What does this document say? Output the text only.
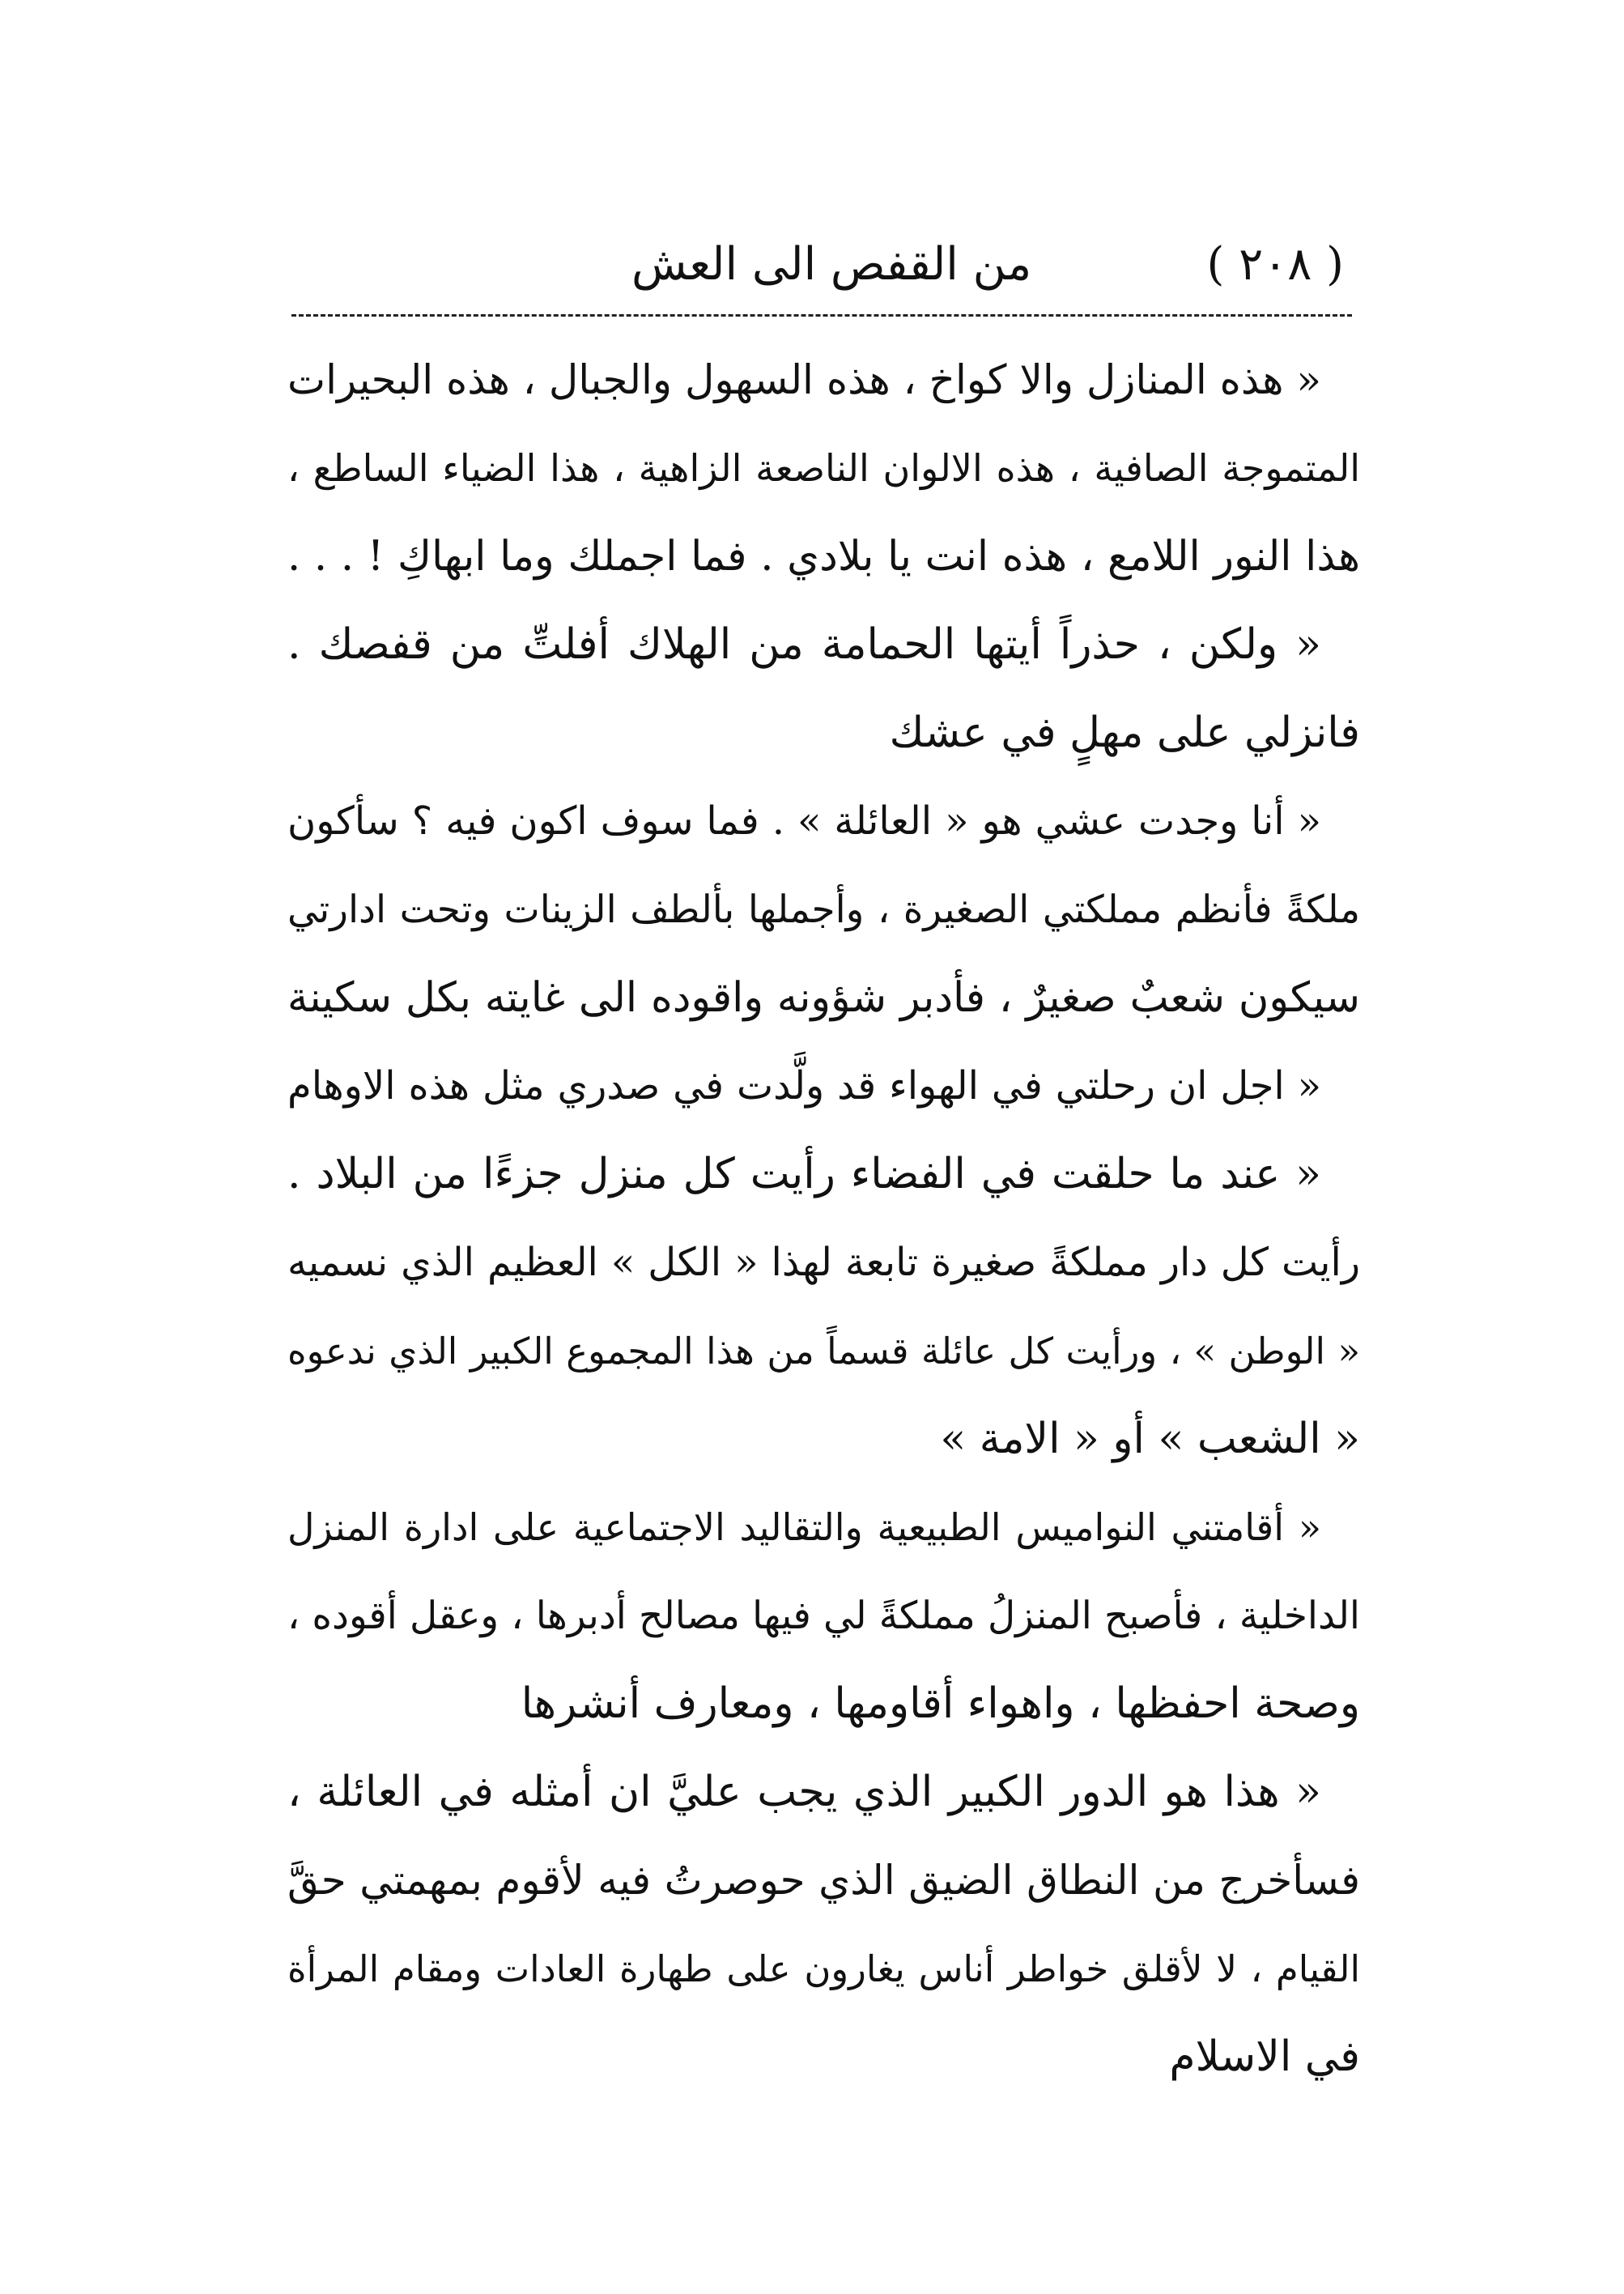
( ٢٠٨ )
من القفص الى العش
« هذه المنازل والا كواخ ، هذه السهول والجبال ، هذه البحيرات
المتموجة الصافية ، هذه الالوان الناصعة الزاهية ، هذا الضياء الساطع ،
هذا النور اللامع ، هذه انت يا بلادي . فما اجملك وما ابهاكِ ! . . .
« ولكن ، حذراً أيتها الحمامة من الهلاك أفلتِّ من قفصك .
فانزلي على مهلٍ في عشك
« أنا وجدت عشي هو « العائلة » . فما سوف اكون فيه ؟ سأكون
ملكةً فأنظم مملكتي الصغيرة ، وأجملها بألطف الزينات وتحت ادارتي
سيكون شعبٌ صغيرٌ ، فأدبر شؤونه واقوده الى غايته بكل سكينة
« اجل ان رحلتي في الهواء قد ولَّدت في صدري مثل هذه الاوهام
« عند ما حلقت في الفضاء رأيت كل منزل جزءًا من البلاد .
رأيت كل دار مملكةً صغيرة تابعة لهذا « الكل » العظيم الذي نسميه
« الوطن » ، ورأيت كل عائلة قسماً من هذا المجموع الكبير الذي ندعوه
« الشعب » أو « الامة »
« أقامتني النواميس الطبيعية والتقاليد الاجتماعية على ادارة المنزل
الداخلية ، فأصبح المنزلُ مملكةً لي فيها مصالح أدبرها ، وعقل أقوده ،
وصحة احفظها ، واهواء أقاومها ، ومعارف أنشرها
« هذا هو الدور الكبير الذي يجب عليَّ ان أمثله في العائلة ،
فسأخرج من النطاق الضيق الذي حوصرتُ فيه لأقوم بمهمتي حقَّ
القيام ، لا لأقلق خواطر أناس يغارون على طهارة العادات ومقام المرأة
في الاسلام
